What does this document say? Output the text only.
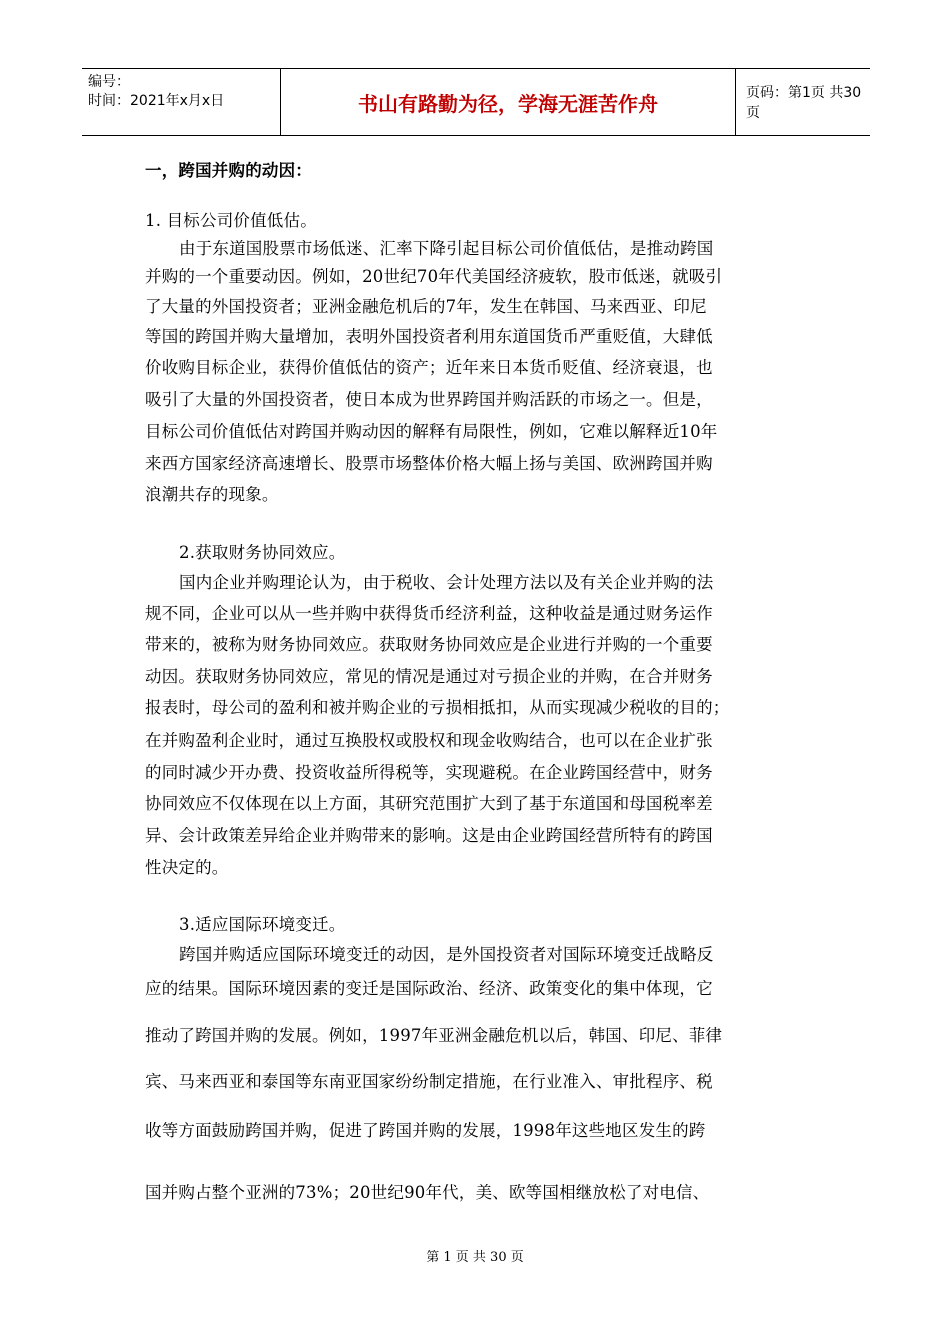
编号：
时间：2021年x月x日	书山有路勤为径，学海无涯苦作舟	页码：第1页 共30页
一，跨国并购的动因：
1. 目标公司价值低估。
由于东道国股票市场低迷、汇率下降引起目标公司价值低估，是推动跨国
并购的一个重要动因。例如，20世纪70年代美国经济疲软，股市低迷，就吸引
了大量的外国投资者；亚洲金融危机后的7年，发生在韩国、马来西亚、印尼
等国的跨国并购大量增加，表明外国投资者利用东道国货币严重贬值，大肆低
价收购目标企业，获得价值低估的资产；近年来日本货币贬值、经济衰退，也
吸引了大量的外国投资者，使日本成为世界跨国并购活跃的市场之一。但是，
目标公司价值低估对跨国并购动因的解释有局限性，例如，它难以解释近10年
来西方国家经济高速增长、股票市场整体价格大幅上扬与美国、欧洲跨国并购
浪潮共存的现象。
2.获取财务协同效应。
国内企业并购理论认为，由于税收、会计处理方法以及有关企业并购的法
规不同，企业可以从一些并购中获得货币经济利益，这种收益是通过财务运作
带来的，被称为财务协同效应。获取财务协同效应是企业进行并购的一个重要
动因。获取财务协同效应，常见的情况是通过对亏损企业的并购，在合并财务
报表时，母公司的盈利和被并购企业的亏损相抵扣，从而实现减少税收的目的；
在并购盈利企业时，通过互换股权或股权和现金收购结合，也可以在企业扩张
的同时减少开办费、投资收益所得税等，实现避税。在企业跨国经营中，财务
协同效应不仅体现在以上方面，其研究范围扩大到了基于东道国和母国税率差
异、会计政策差异给企业并购带来的影响。这是由企业跨国经营所特有的跨国
性决定的。
3.适应国际环境变迁。
跨国并购适应国际环境变迁的动因，是外国投资者对国际环境变迁战略反
应的结果。国际环境因素的变迁是国际政治、经济、政策变化的集中体现，它
推动了跨国并购的发展。例如，1997年亚洲金融危机以后，韩国、印尼、菲律
宾、马来西亚和泰国等东南亚国家纷纷制定措施，在行业准入、审批程序、税
收等方面鼓励跨国并购，促进了跨国并购的发展，1998年这些地区发生的跨
国并购占整个亚洲的73%；20世纪90年代，美、欧等国相继放松了对电信、
第 1 页 共 30 页
